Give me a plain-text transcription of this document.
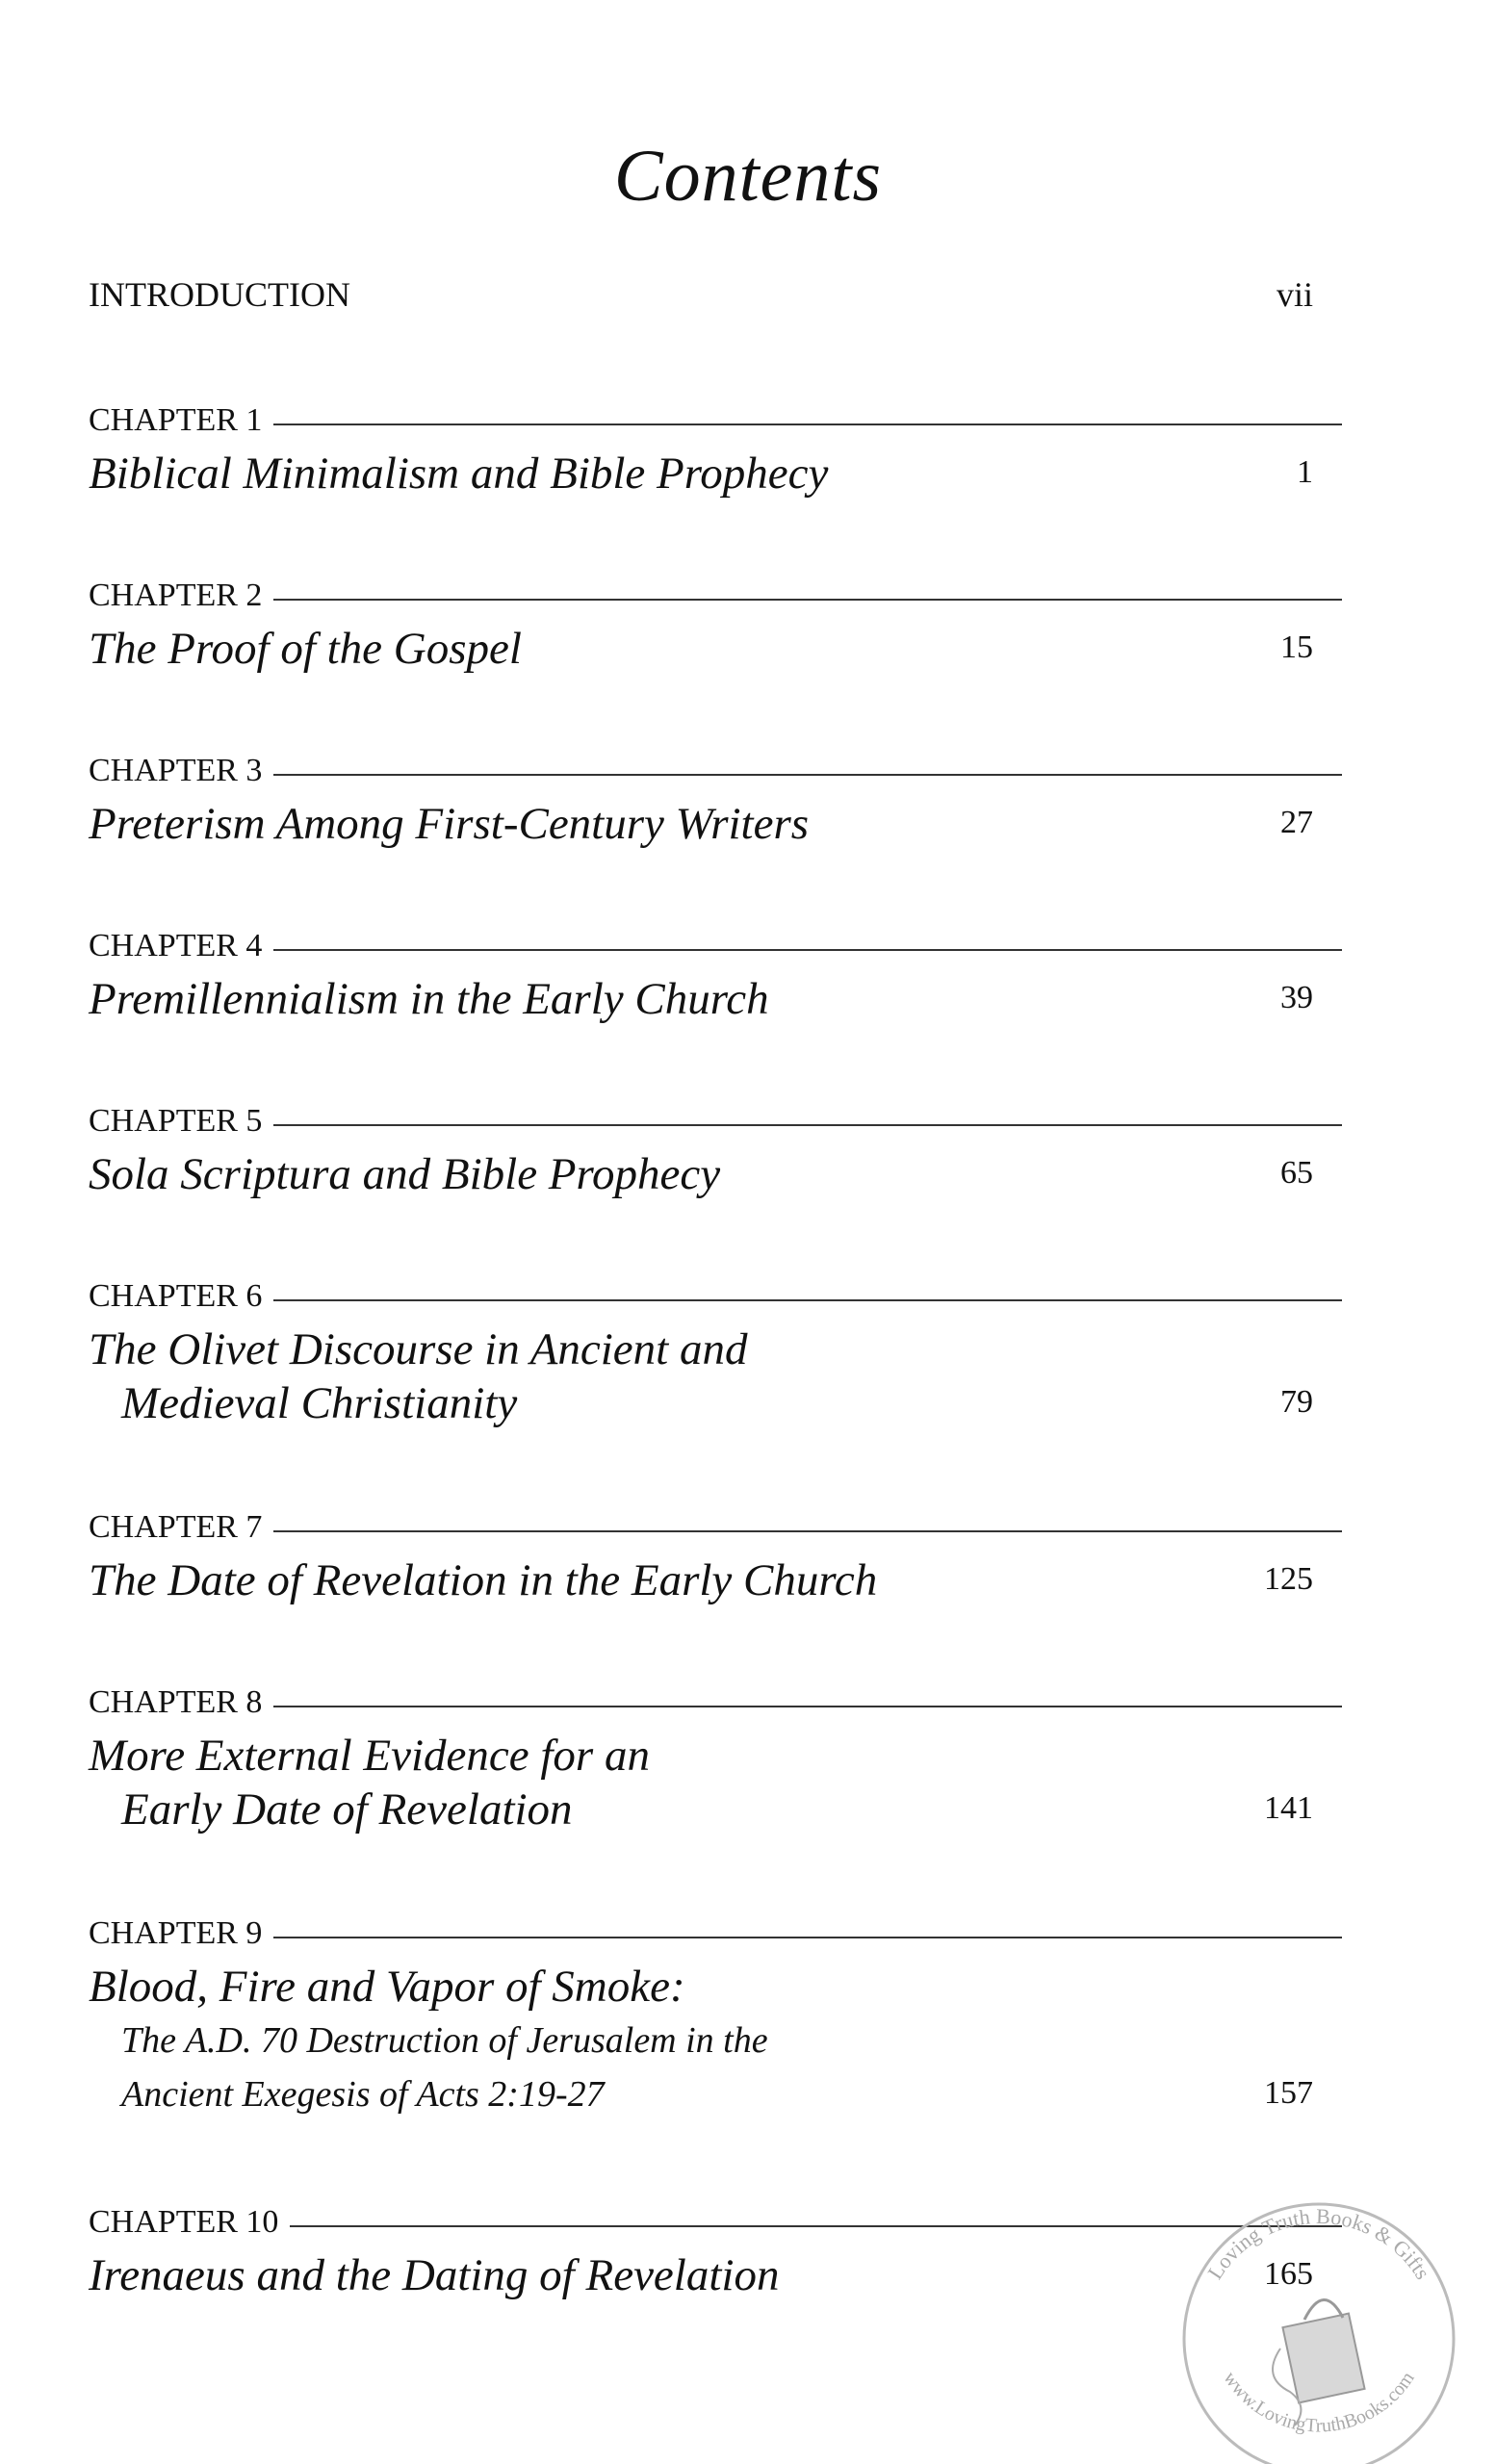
Contents
INTRODUCTION	vii
CHAPTER 1
Biblical Minimalism and Bible Prophecy	1
CHAPTER 2
The Proof of the Gospel	15
CHAPTER 3
Preterism Among First-Century Writers	27
CHAPTER 4
Premillennialism in the Early Church	39
CHAPTER 5
Sola Scriptura and Bible Prophecy	65
CHAPTER 6
The Olivet Discourse in Ancient and
Medieval Christianity	79
CHAPTER 7
The Date of Revelation in the Early Church	125
CHAPTER 8
More External Evidence for an
Early Date of Revelation	141
CHAPTER 9
Blood, Fire and Vapor of Smoke:
The A.D. 70 Destruction of Jerusalem in the
Ancient Exegesis of Acts 2:19-27	157
CHAPTER 10
Irenaeus and the Dating of Revelation	165
Loving Truth Books & Gifts
www.LovingTruthBooks.com
